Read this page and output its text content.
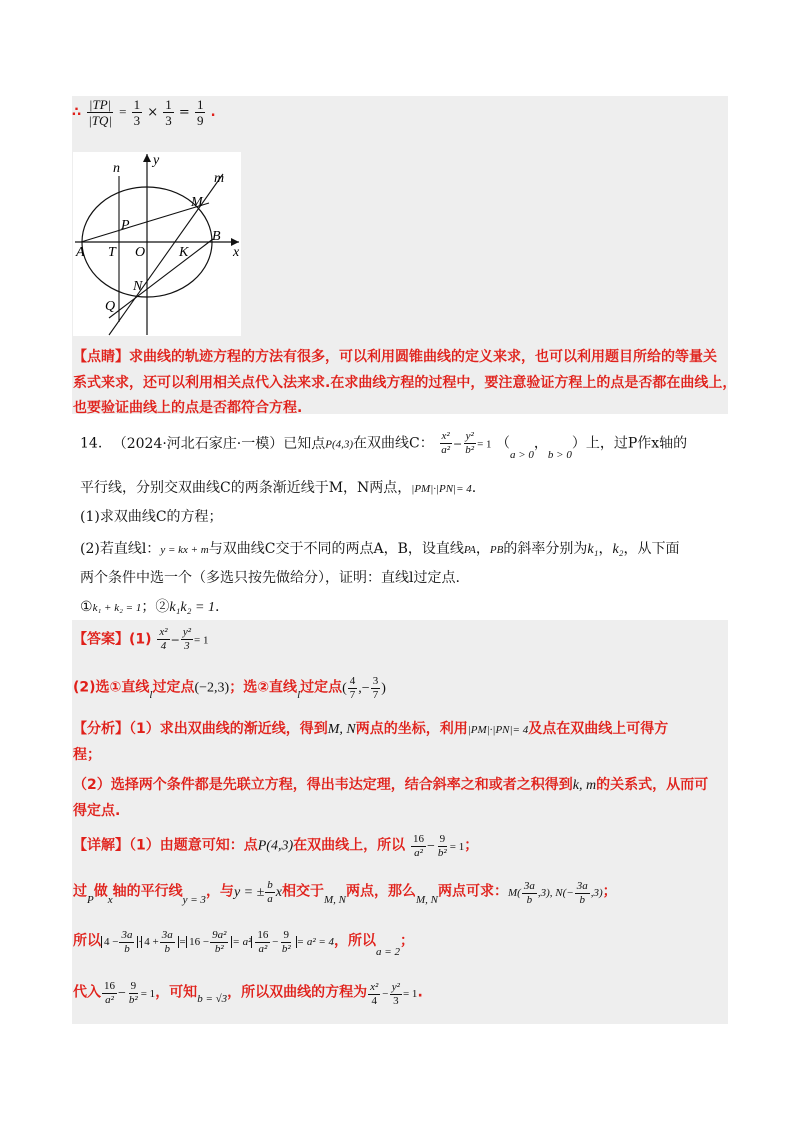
∴ $\frac{|TP|}{|TQ|} = \frac{1}{3} \times \frac{1}{3} = \frac{1}{9}$ .
n
y
m
M
P
B
A T O K	x
N
Q
【点睛】求曲线的轨迹方程的方法有很多，可以利用圆锥曲线的定义来求，也可以利用题目所给的等量关
系式来求，还可以利用相关点代入法来求.在求曲线方程的过程中，要注意验证方程上的点是否都在曲线上，
也要验证曲线上的点是否都符合方程.
14. （2024·河北石家庄·一模）已知点P(4,3)在双曲线C： $\frac{\text{x²}}{\text{a²}} - \frac{\text{y²}}{\text{b²}} = 1$ （$_{a > 0}$，$_{b > 0}$）上，过P作x轴的
平行线，分别交双曲线C的两条渐近线于M，N两点，|PM|·|PN|= 4.
(1)求双曲线C的方程；
(2)若直线l：y = kx + m与双曲线C交于不同的两点A，B，设直线PA，PB的斜率分别为k₁，k₂，从下面
两个条件中选一个（多选只按先做给分），证明：直线l过定点.
①k₁ + k₂ = 1；②k₁k₂ = 1.
【答案】$(1) \frac{\text{x²}}{4} - \frac{\text{y²}}{3} = 1$
(2)选①直线$_l$过定点(−2,3)；选②直线$_l$过定点( $\frac{4}{7}$ ,− $\frac{3}{7}$ )
【分析】（1）求出双曲线的渐近线，得到M, N两点的坐标，利用|PM|·|PN|= 4及点在双曲线上可得方
程；
（2）选择两个条件都是先联立方程，得出韦达定理，结合斜率之和或者之积得到k, m的关系式，从而可
得定点.
【详解】（1）由题意可知：点P(4,3)在双曲线上，所以 $\frac{16}{\text{a²}} - \frac{9}{\text{b²}} = 1$；
过$_P$做$_x$轴的平行线$_{y = 3}$，与y = ± $\frac{b}{a}$ x相交于$_{M, N}$两点，那么$_{M, N}$两点可求：$M( \frac{3a}{b} ,3)$, $N(- \frac{3a}{b} ,3)$；
所以 $4 - \frac{3a}{b} \cdot 4 + \frac{3a}{b} = 16 - \frac{\text{9a²}}{\text{b²}} = a^2 \frac{16}{\text{a²}} - \frac{9}{\text{b²}} = a^2 = 4$，所以$_{a = 2}$；
代入 $\frac{16}{\text{a²}} - \frac{9}{\text{b²}} = 1$，可知$_{b = √3}$，所以双曲线的方程为 $\frac{\text{x²}}{4} - \frac{\text{y²}}{3} = 1$.
